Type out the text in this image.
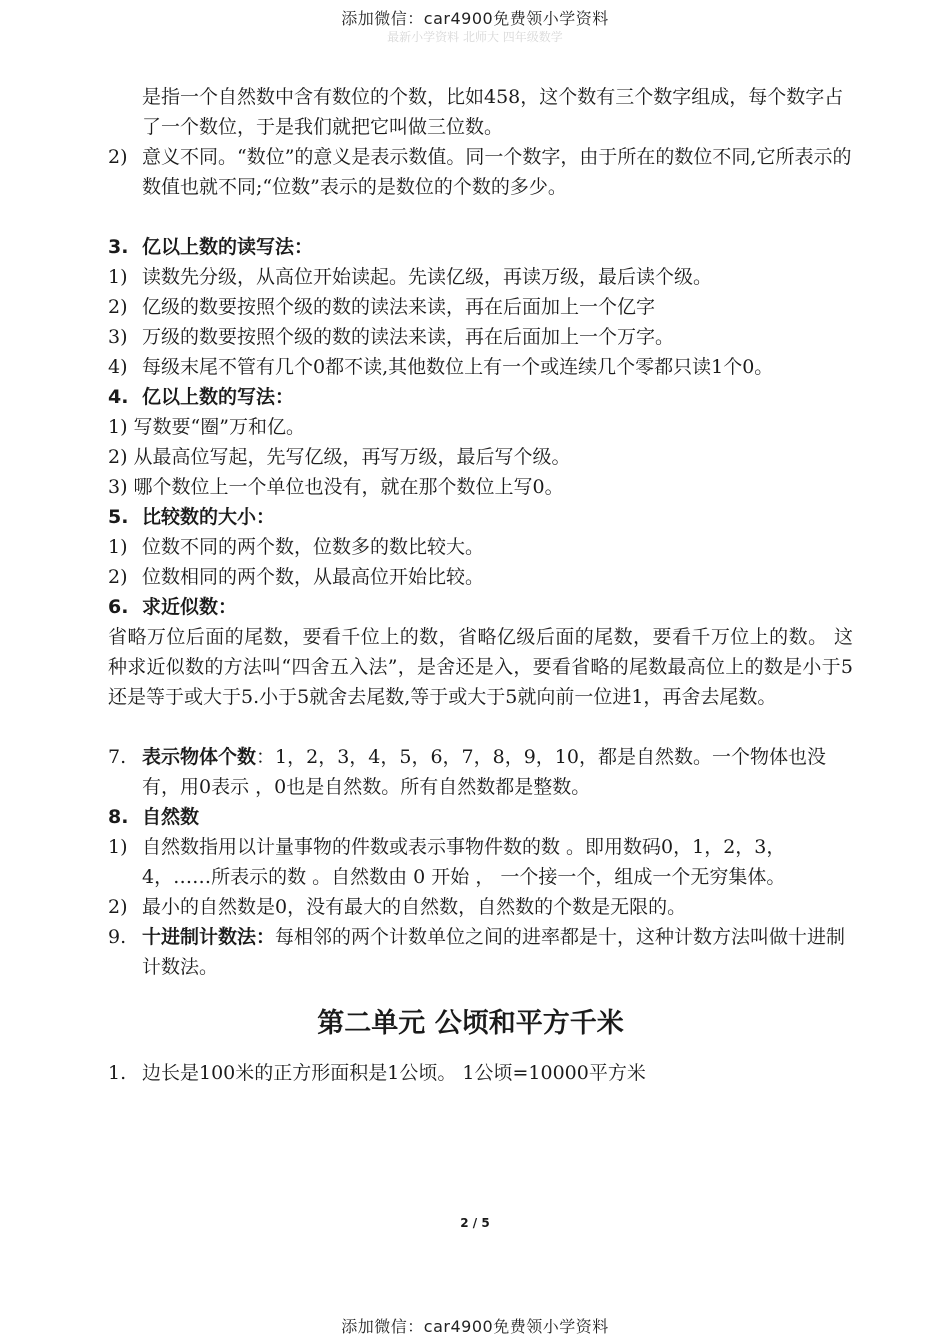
添加微信：car4900免费领小学资料
最新小学资料 北师大 四年级数学
是指一个自然数中含有数位的个数，比如458，这个数有三个数字组成，每个数字占了一个数位，于是我们就把它叫做三位数。
2) 意义不同。“数位”的意义是表示数值。同一个数字，由于所在的数位不同,它所表示的数值也就不同;“位数”表示的是数位的个数的多少。
3. 亿以上数的读写法：
1) 读数先分级，从高位开始读起。先读亿级，再读万级，最后读个级。
2) 亿级的数要按照个级的数的读法来读，再在后面加上一个亿字
3) 万级的数要按照个级的数的读法来读，再在后面加上一个万字。
4) 每级末尾不管有几个0都不读,其他数位上有一个或连续几个零都只读1个0。
4. 亿以上数的写法：
1) 写数要“圈”万和亿。
2) 从最高位写起，先写亿级，再写万级，最后写个级。
3) 哪个数位上一个单位也没有，就在那个数位上写0。
5. 比较数的大小：
1) 位数不同的两个数，位数多的数比较大。
2) 位数相同的两个数，从最高位开始比较。
6. 求近似数：
省略万位后面的尾数，要看千位上的数，省略亿级后面的尾数，要看千万位上的数。 这种求近似数的方法叫“四舍五入法”，是舍还是入，要看省略的尾数最高位上的数是小于5还是等于或大于5.小于5就舍去尾数,等于或大于5就向前一位进1，再舍去尾数。
7. 表示物体个数：1，2，3，4，5，6，7，8，9，10，都是自然数。一个物体也没有，用0表示 ，0也是自然数。所有自然数都是整数。
8. 自然数
1) 自然数指用以计量事物的件数或表示事物件数的数 。即用数码0，1，2，3，4，……所表示的数 。自然数由 0 开始 ， 一个接一个，组成一个无穷集体。
2) 最小的自然数是0，没有最大的自然数，自然数的个数是无限的。
9. 十进制计数法：每相邻的两个计数单位之间的进率都是十，这种计数方法叫做十进制计数法。
第二单元 公顷和平方千米
1. 边长是100米的正方形面积是1公顷。 1公顷=10000平方米
2 / 5
添加微信：car4900免费领小学资料
